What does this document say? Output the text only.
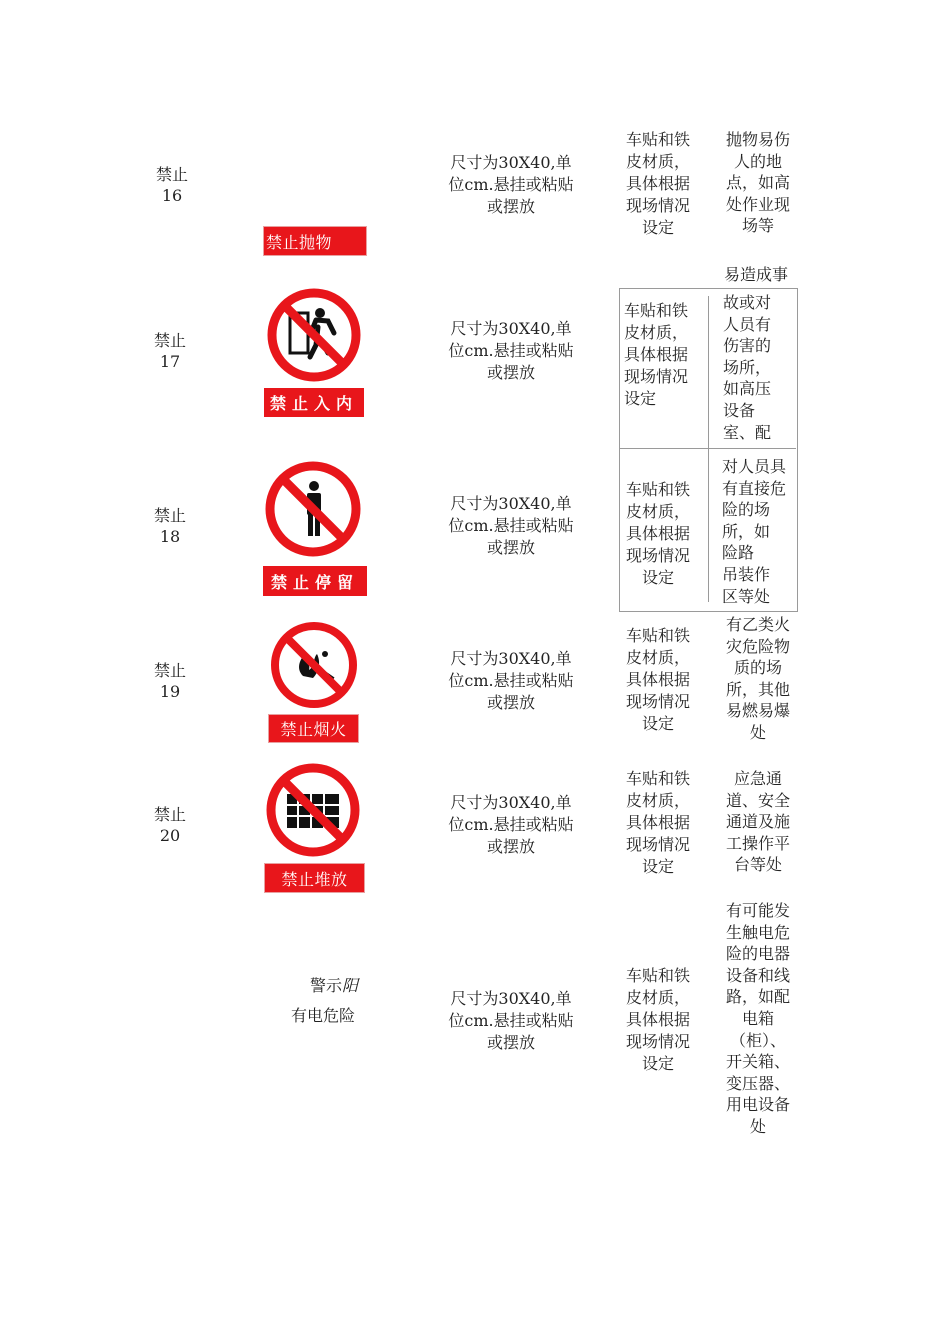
禁止
16
禁止抛物
尺寸为30X40,单
位cm.悬挂或粘贴
或摆放
车贴和铁
皮材质，
具体根据
现场情况
设定
抛物易伤
人的地
点，如高
处作业现
场等
禁止
17
禁止入内
尺寸为30X40,单
位cm.悬挂或粘贴
或摆放
易造成事
车贴和铁
皮材质，
具体根据
现场情况
设定
故或对
人员有
伤害的
场所，
如高压
设备
室、配
禁止
18
禁止停留
尺寸为30X40,单
位cm.悬挂或粘贴
或摆放
车贴和铁
皮材质，
具体根据
现场情况
设定
对人员具
有直接危
险的场
所，如
险路
吊装作
区等处
禁止
19
禁止烟火
尺寸为30X40,单
位cm.悬挂或粘贴
或摆放
车贴和铁
皮材质，
具体根据
现场情况
设定
有乙类火
灾危险物
质的场
所，其他
易燃易爆
处
禁止
20
禁止堆放
尺寸为30X40,单
位cm.悬挂或粘贴
或摆放
车贴和铁
皮材质，
具体根据
现场情况
设定
应急通
道、安全
通道及施
工操作平
台等处
警示阳
有电危险
尺寸为30X40,单
位cm.悬挂或粘贴
或摆放
车贴和铁
皮材质，
具体根据
现场情况
设定
有可能发
生触电危
险的电器
设备和线
路，如配
电箱
（柜）、
开关箱、
变压器、
用电设备
处
